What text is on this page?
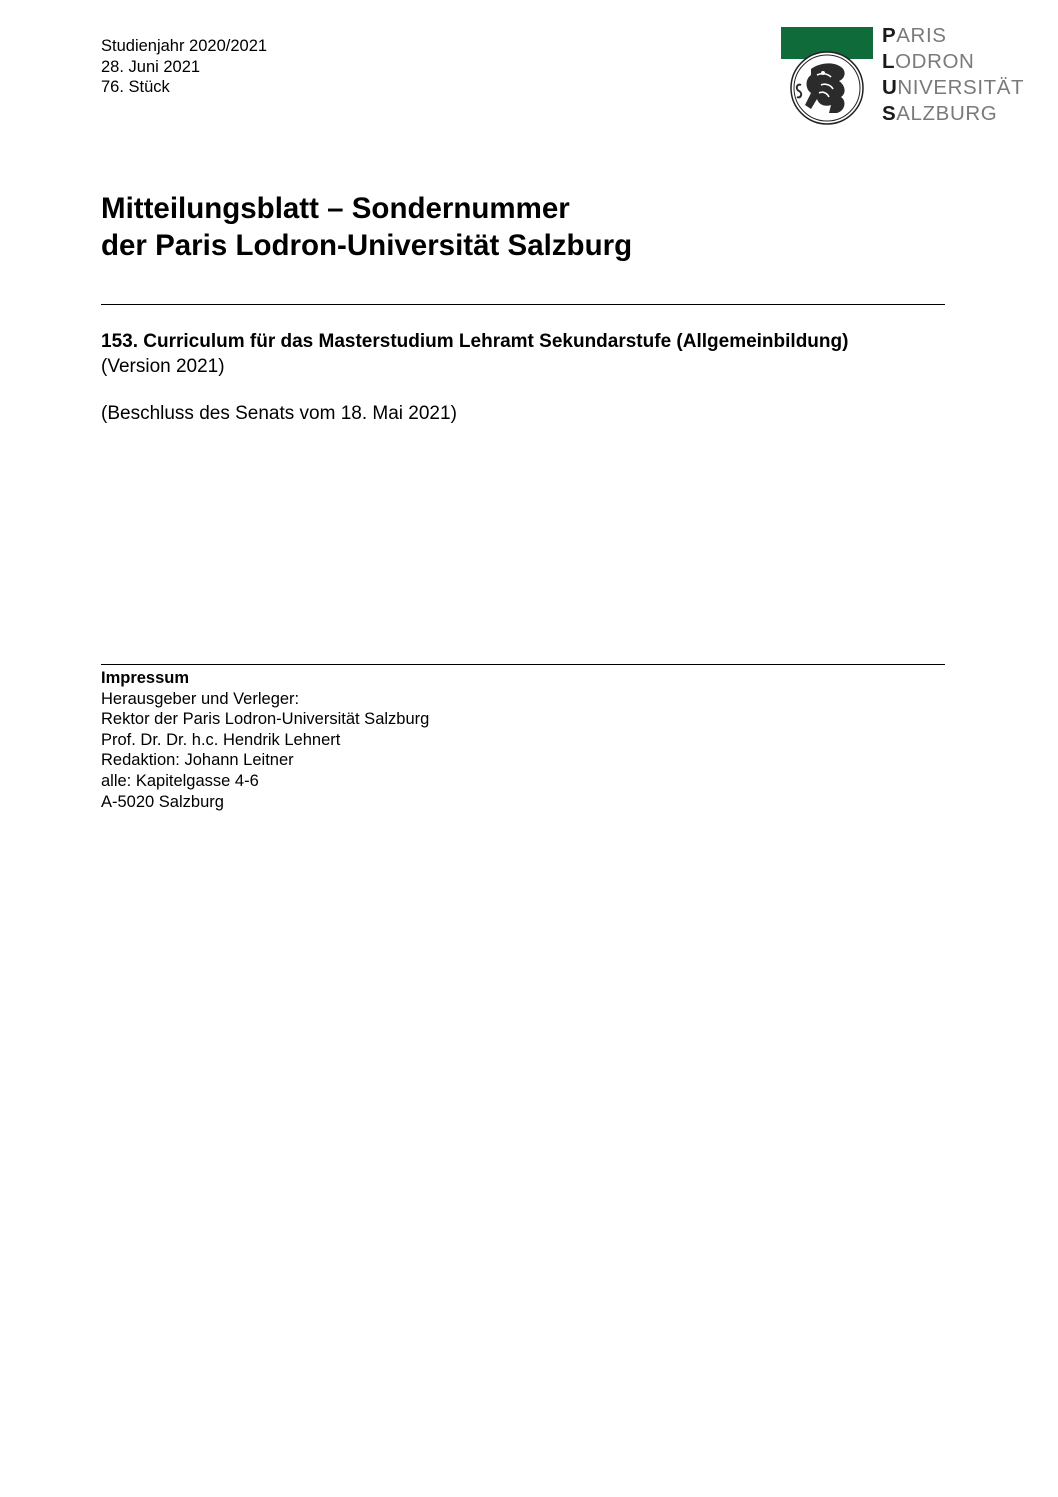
Studienjahr 2020/2021
28. Juni 2021
76. Stück
PARIS
LODRON
UNIVERSITÄT
SALZBURG
Mitteilungsblatt – Sondernummer
der Paris Lodron-Universität Salzburg
153. Curriculum für das Masterstudium Lehramt Sekundarstufe (Allgemeinbildung)
(Version 2021)
(Beschluss des Senats vom 18. Mai 2021)
Impressum
Herausgeber und Verleger:
Rektor der Paris Lodron-Universität Salzburg
Prof. Dr. Dr. h.c. Hendrik Lehnert
Redaktion: Johann Leitner
alle: Kapitelgasse 4-6
A-5020 Salzburg
